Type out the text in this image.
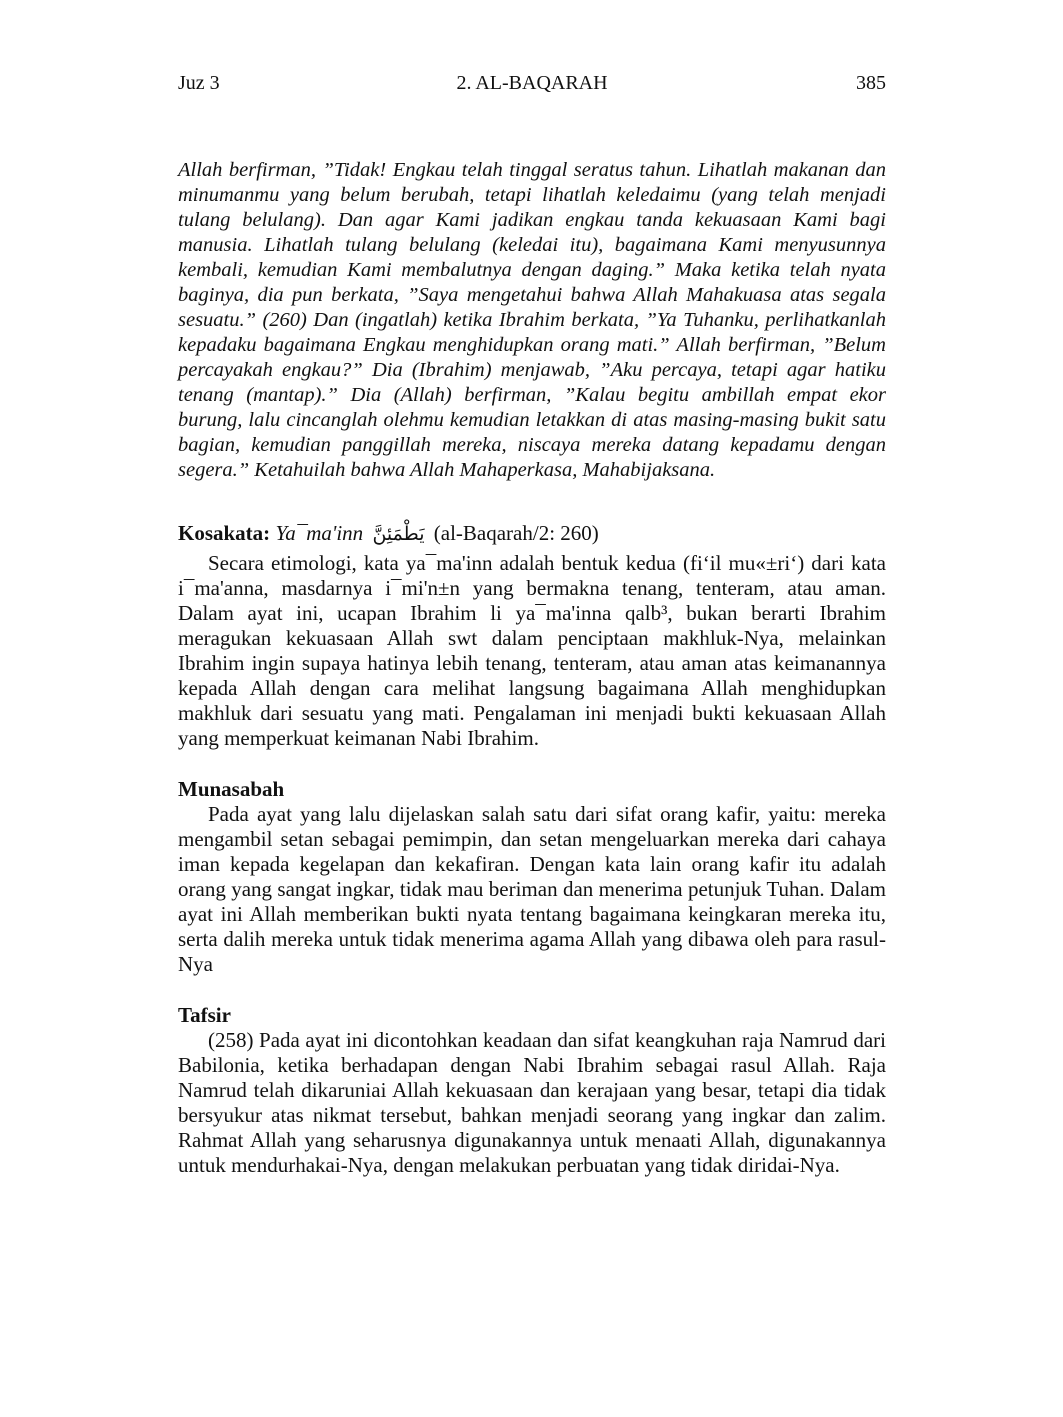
Juz 3	2. AL-BAQARAH	385

Allah berfirman, ”Tidak! Engkau telah tinggal seratus tahun. Lihatlah makanan dan minumanmu yang belum berubah, tetapi lihatlah keledaimu (yang telah menjadi tulang belulang). Dan agar Kami jadikan engkau tanda kekuasaan Kami bagi manusia. Lihatlah tulang belulang (keledai itu), bagaimana Kami menyusunnya kembali, kemudian Kami membalutnya dengan daging.” Maka ketika telah nyata baginya, dia pun berkata, ”Saya mengetahui bahwa Allah Mahakuasa atas segala sesuatu.” (260) Dan (ingatlah) ketika Ibrahim berkata, ”Ya Tuhanku, perlihatkanlah kepadaku bagaimana Engkau menghidupkan orang mati.” Allah berfirman, ”Belum percayakah engkau?” Dia (Ibrahim) menjawab, ”Aku percaya, tetapi agar hatiku tenang (mantap).” Dia (Allah) berfirman, ”Kalau begitu ambillah empat ekor burung, lalu cincanglah olehmu kemudian letakkan di atas masing-masing bukit satu bagian, kemudian panggillah mereka, niscaya mereka datang kepadamu dengan segera.” Ketahuilah bahwa Allah Mahaperkasa, Mahabijaksana.

Kosakata: Ya¯ma'inn يَطْمَئِنَّ (al-Baqarah/2: 260)

Secara etimologi, kata ya¯ma'inn adalah bentuk kedua (fi‘il mu«±ri‘) dari kata i¯ma'anna, masdarnya i¯mi'n±n yang bermakna tenang, tenteram, atau aman. Dalam ayat ini, ucapan Ibrahim li ya¯ma'inna qalb³, bukan berarti Ibrahim meragukan kekuasaan Allah swt dalam penciptaan makhluk-Nya, melainkan Ibrahim ingin supaya hatinya lebih tenang, tenteram, atau aman atas keimanannya kepada Allah dengan cara melihat langsung bagaimana Allah menghidupkan makhluk dari sesuatu yang mati. Pengalaman ini menjadi bukti kekuasaan Allah yang memperkuat keimanan Nabi Ibrahim.

Munasabah

Pada ayat yang lalu dijelaskan salah satu dari sifat orang kafir, yaitu: mereka mengambil setan sebagai pemimpin, dan setan mengeluarkan mereka dari cahaya iman kepada kegelapan dan kekafiran. Dengan kata lain orang kafir itu adalah orang yang sangat ingkar, tidak mau beriman dan menerima petunjuk Tuhan. Dalam ayat ini Allah memberikan bukti nyata tentang bagaimana keingkaran mereka itu, serta dalih mereka untuk tidak menerima agama Allah yang dibawa oleh para rasul-Nya

Tafsir

(258) Pada ayat ini dicontohkan keadaan dan sifat keangkuhan raja Namrud dari Babilonia, ketika berhadapan dengan Nabi Ibrahim sebagai rasul Allah. Raja Namrud telah dikaruniai Allah kekuasaan dan kerajaan yang besar, tetapi dia tidak bersyukur atas nikmat tersebut, bahkan menjadi seorang yang ingkar dan zalim. Rahmat Allah yang seharusnya digunakannya untuk menaati Allah, digunakannya untuk mendurhakai-Nya, dengan melakukan perbuatan yang tidak diridai-Nya.
